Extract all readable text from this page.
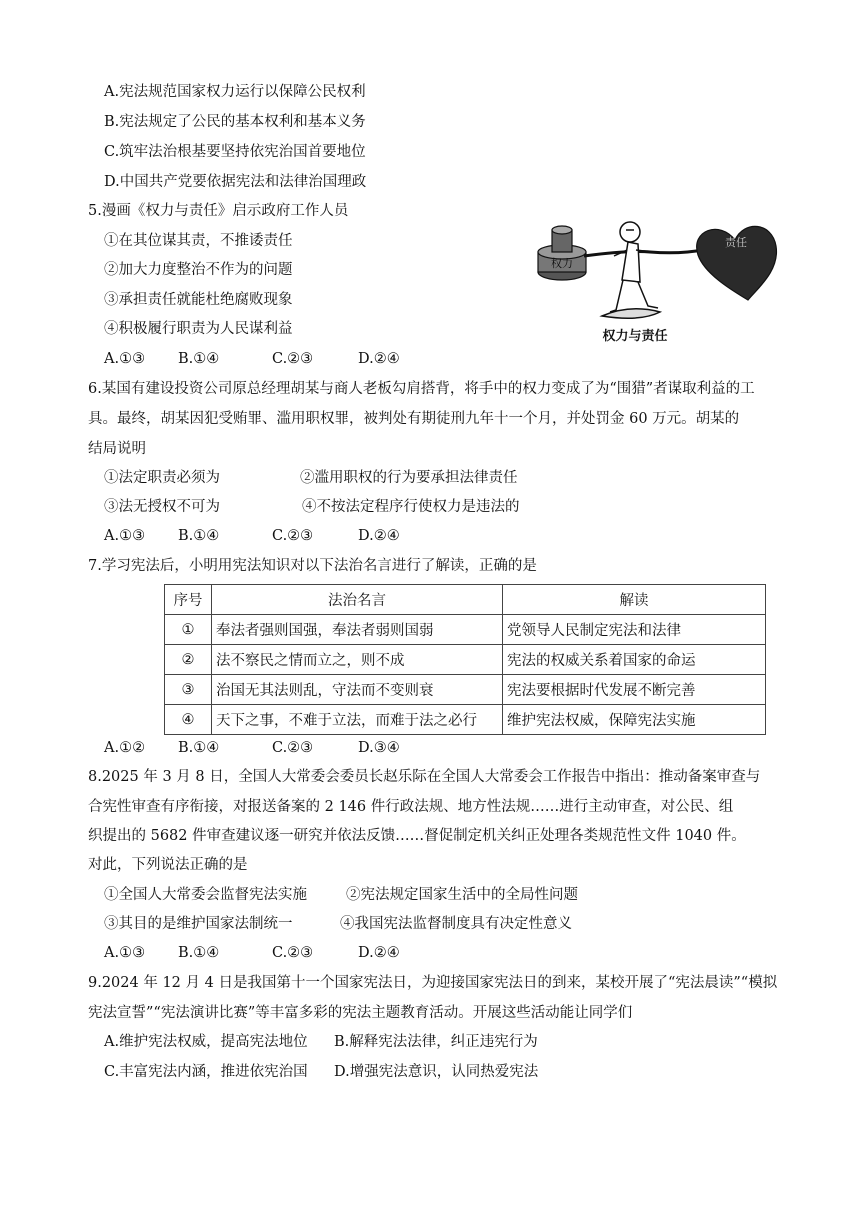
A.宪法规范国家权力运行以保障公民权利
B.宪法规定了公民的基本权利和基本义务
C.筑牢法治根基要坚持依宪治国首要地位
D.中国共产党要依据宪法和法律治国理政
5.漫画《权力与责任》启示政府工作人员
①在其位谋其责，不推诿责任
②加大力度整治不作为的问题
③承担责任就能杜绝腐败现象
④积极履行职责为人民谋利益
A.①③ B.①④	C.②③	D.②④
权力
责任
权力与责任
6.某国有建设投资公司原总经理胡某与商人老板勾肩搭背，将手中的权力变成了为“围猎”者谋取利益的工
具。最终，胡某因犯受贿罪、滥用职权罪，被判处有期徒刑九年十一个月，并处罚金 60 万元。胡某的
结局说明
①法定职责必须为	②滥用职权的行为要承担法律责任
③法无授权不可为	④不按法定程序行使权力是违法的
A.①③ B.①④	C.②③	D.②④
7.学习宪法后，小明用宪法知识对以下法治名言进行了解读，正确的是
序号	法治名言	解读
①	奉法者强则国强，奉法者弱则国弱	党领导人民制定宪法和法律
②	法不察民之情而立之，则不成	宪法的权威关系着国家的命运
③	治国无其法则乱，守法而不变则衰	宪法要根据时代发展不断完善
④	天下之事，不难于立法，而难于法之必行	维护宪法权威，保障宪法实施
A.①② B.①④	C.②③	D.③④
8.2025 年 3 月 8 日，全国人大常委会委员长赵乐际在全国人大常委会工作报告中指出：推动备案审查与
合宪性审查有序衔接，对报送备案的 2 146 件行政法规、地方性法规……进行主动审查，对公民、组
织提出的 5682 件审查建议逐一研究并依法反馈……督促制定机关纠正处理各类规范性文件 1040 件。
对此，下列说法正确的是
①全国人大常委会监督宪法实施	②宪法规定国家生活中的全局性问题
③其目的是维护国家法制统一	④我国宪法监督制度具有决定性意义
A.①③ B.①④	C.②③	D.②④
9.2024 年 12 月 4 日是我国第十一个国家宪法日，为迎接国家宪法日的到来，某校开展了“宪法晨读”“模拟
宪法宣誓”“宪法演讲比赛”等丰富多彩的宪法主题教育活动。开展这些活动能让同学们
A.维护宪法权威，提高宪法地位 B.解释宪法法律，纠正违宪行为
C.丰富宪法内涵，推进依宪治国 D.增强宪法意识，认同热爱宪法
